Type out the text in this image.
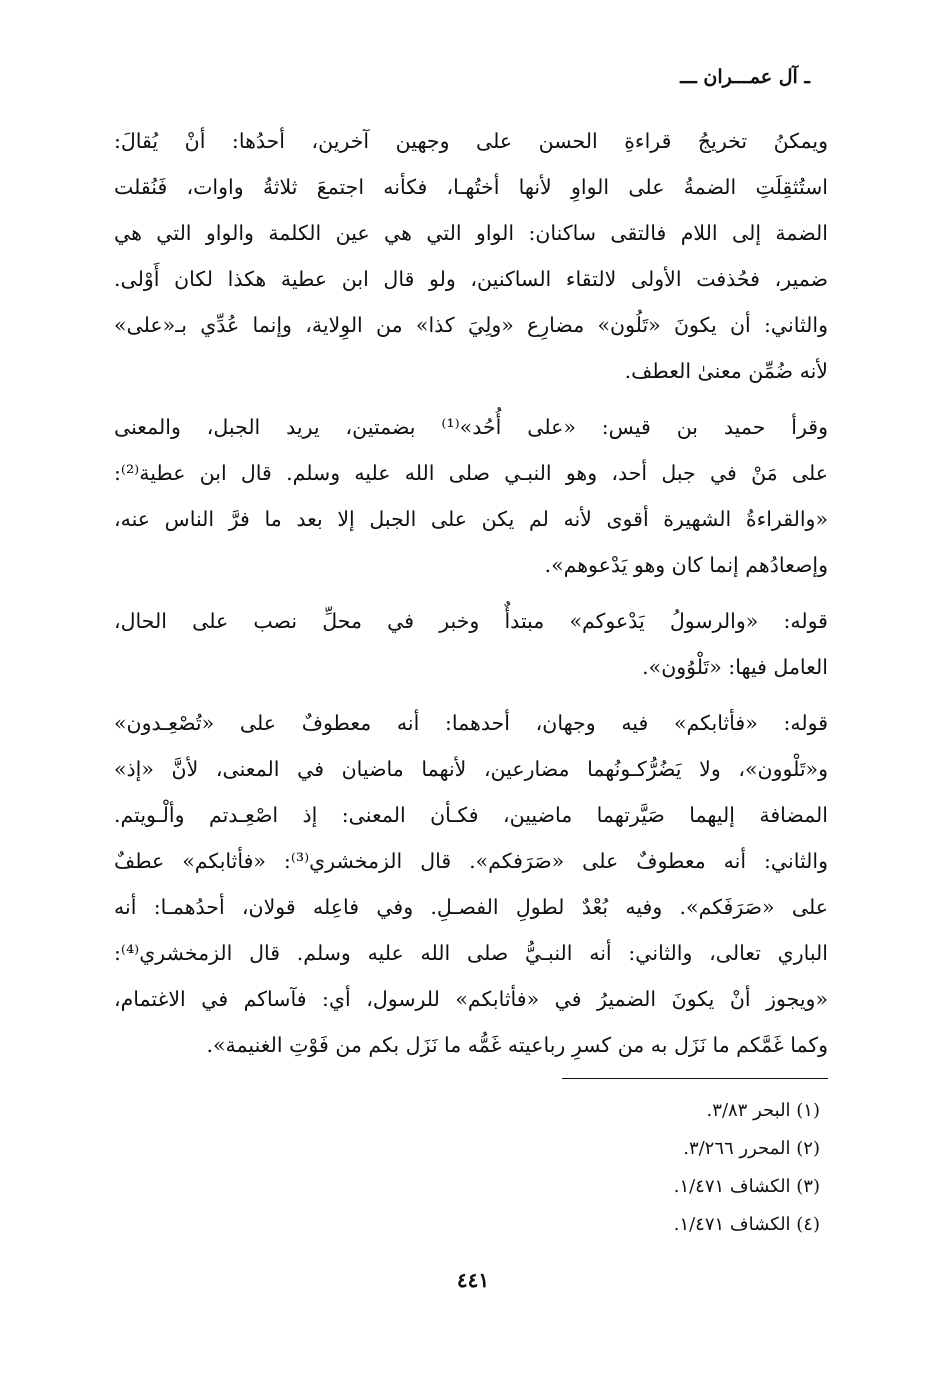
ـ آل عمـــران ـــ
ويمكنُ تخريجُ قراءةِ الحسن على وجهين آخرين، أحدُها: أنْ يُقالَ:
استُثقِلَتِ الضمةُ على الواوِ لأنها أختُهـا، فكأنه اجتمعَ ثلاثةُ واوات، فَنُقلت
الضمة إلى اللام فالتقى ساكنان: الواو التي هي عين الكلمة والواو التي هي
ضمير، فحُذفت الأولى لالتقاء الساكنين، ولو قال ابن عطية هكذا لكان أَوْلى.
والثاني: أن يكونَ «تَلُون» مضارِع «ولِيَ كذا» من الوِلاية، وإنما عُدِّي بـ«على»
لأنه ضُمِّن معنىٰ العطف.
وقرأ حميد بن قيس: «على أُحُد»⁽¹⁾ بضمتين، يريد الجبل، والمعنى
على مَنْ في جبل أحد، وهو النبـي صلى الله عليه وسلم. قال ابن عطية⁽²⁾:
«والقراءةُ الشهيرة أقوى لأنه لم يكن على الجبل إلا بعد ما فرَّ الناس عنه،
وإصعادُهم إنما كان وهو يَدْعوهم».
قوله: «والرسولُ يَدْعوكم» مبتدأٌ وخبر في محلِّ نصب على الحال،
العامل فيها: «تَلْوُون».
قوله: «فأثابكم» فيه وجهان، أحدهما: أنه معطوفٌ على «تُصْعِـدون»
و«تَلْوون»، ولا يَضُرُّكـونُهما مضارعين، لأنهما ماضيان في المعنى، لأنَّ «إذ»
المضافة إليهما صَيَّرتهما ماضيين، فكـأن المعنى: إذ اصْعِـدتم وألْـويتم.
والثاني: أنه معطوفٌ على «صَرَفكم». قال الزمخشري⁽³⁾: «فأثابكم» عطفٌ
على «صَرَفَكم». وفيه بُعْدٌ لطولِ الفصـلِ. وفي فاعِله قولان، أحدُهمـا: أنه
الباري تعالى، والثاني: أنه النبـيُّ صلى الله عليه وسلم. قال الزمخشري⁽⁴⁾:
«ويجوز أنْ يكونَ الضميرُ في «فأثابكم» للرسول، أي: فآساكم في الاغتمام،
وكما غَمَّكم ما نَزَل به من كسرِ رباعيته غَمُّه ما نَزَل بكم من فَوْتِ الغنيمة».
(١) البحر ٣/٨٣.
(٢) المحرر ٣/٢٦٦.
(٣) الكشاف ١/٤٧١.
(٤) الكشاف ١/٤٧١.
٤٤١
